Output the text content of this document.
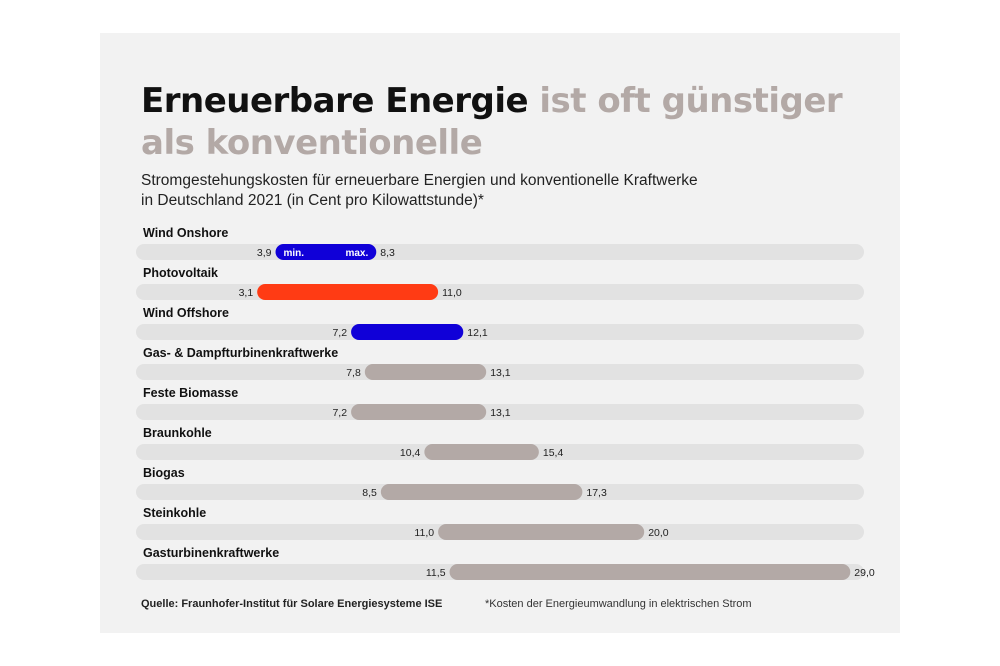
Erneuerbare Energie ist oft günstiger als konventionelle

Stromgestehungskosten für erneuerbare Energien und konventionelle Kraftwerke
in Deutschland 2021 (in Cent pro Kilowattstunde)*

Wind Onshore
3,9	8,3
min.	max.
Photovoltaik
3,1	11,0
Wind Offshore
7,2	12,1
Gas- & Dampfturbinenkraftwerke
7,8	13,1
Feste Biomasse
7,2	13,1
Braunkohle
10,4	15,4
Biogas
8,5	17,3
Steinkohle
11,0	20,0
Gasturbinenkraftwerke
11,5	29,0
Quelle: Fraunhofer-Institut für Solare Energiesysteme ISE	*Kosten der Energieumwandlung in elektrischen Strom
